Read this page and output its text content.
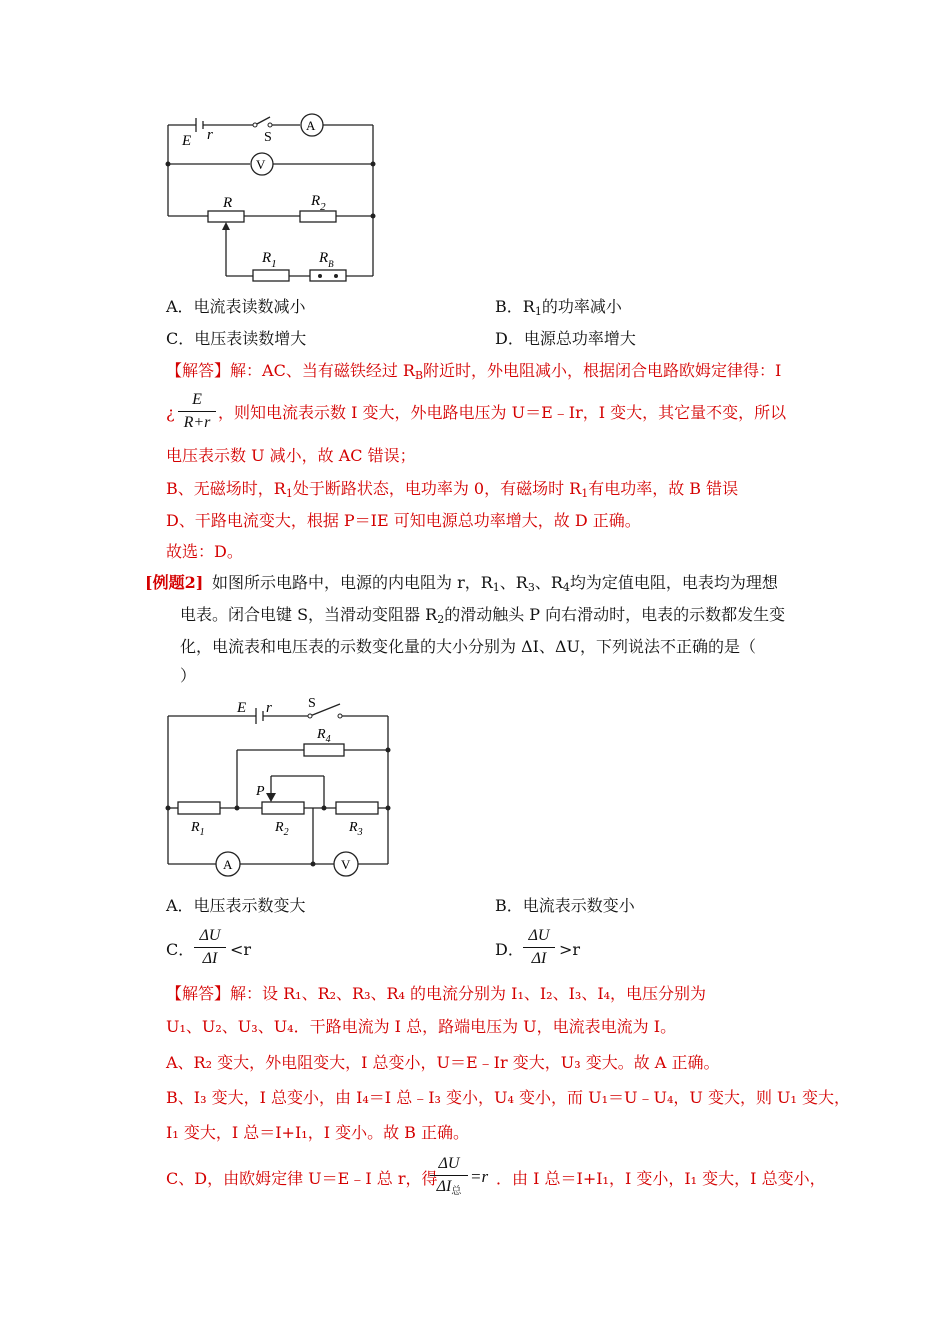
E r	S
A
V
R	$R_2$
$R_1$	$R_B$
A．电流表读数减小	B．$R_1$的功率减小
C．电压表读数增大	D．电源总功率增大
【解答】解：AC、当有磁铁经过 $R_B$附近时，外电阻减小，根据闭合电路欧姆定律得：I
¿
E
R+r
，则知电流表示数 I 变大，外电路电压为 U＝E﹣Ir，I 变大，其它量不变，所以
电压表示数 U 减小，故 AC 错误；
B、无磁场时，$R_1$处于断路状态，电功率为 0，有磁场时 $R_1$有电功率，故 B 错误
D、干路电流变大，根据 P＝IE 可知电源总功率增大，故 D 正确。
故选：D。
[例题2] 如图所示电路中，电源的内电阻为 r，$R_1$、$R_3$、$R_4$均为定值电阻，电表均为理想
电表。闭合电键 S，当滑动变阻器 $R_2$的滑动触头 P 向右滑动时，电表的示数都发生变
化，电流表和电压表的示数变化量的大小分别为 ΔI、ΔU，下列说法不正确的是（
）
E r	S
$R_4$
P
$R_1$	$R_2$	$R_3$
A	V
A．电压表示数变大	B．电流表示数变小
C．
ΔU
ΔI <r	D．
ΔU
ΔI >r
【解答】解：设 R₁、R₂、R₃、R₄ 的电流分别为 I₁、I₂、I₃、I₄，电压分别为
U₁、U₂、U₃、U₄．干路电流为 I 总，路端电压为 U，电流表电流为 I。
A、R₂ 变大，外电阻变大，I 总变小，U＝E﹣Ir 变大，U₃ 变大。故 A 正确。
B、I₃ 变大，I 总变小，由 I₄＝I 总﹣I₃ 变小，U₄ 变小，而 U₁＝U﹣U₄，U 变大，则 U₁ 变大，
I₁ 变大，I 总＝I+I₁，I 变小。故 B 正确。
C、D，由欧姆定律 U＝E﹣I 总 r，得
ΔU
$\Delta I_总$
=r ．由 I 总＝I+I₁，I 变小，I₁ 变大，I 总变小，
